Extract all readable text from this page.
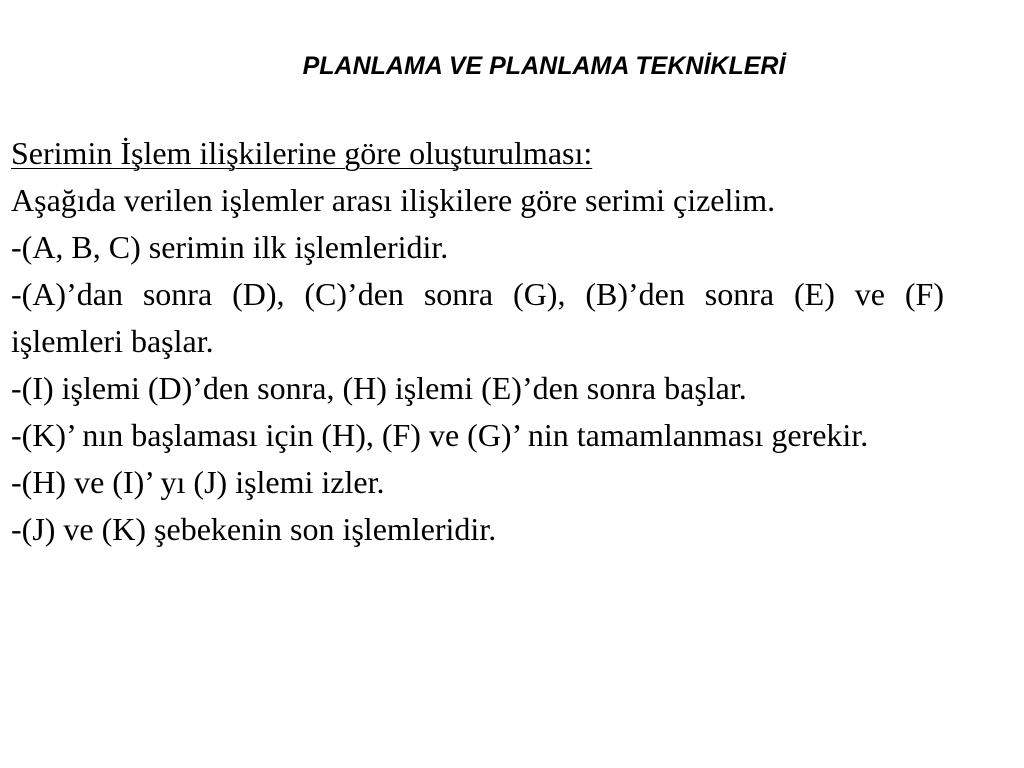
PLANLAMA VE PLANLAMA TEKNİKLERİ

Serimin İşlem ilişkilerine göre oluşturulması:

Aşağıda verilen işlemler arası ilişkilere göre serimi çizelim.

-(A, B, C) serimin ilk işlemleridir.

-(A)’dan sonra (D), (C)’den sonra (G), (B)’den sonra (E) ve (F) işlemleri başlar.

-(I) işlemi (D)’den sonra, (H) işlemi (E)’den sonra başlar.

-(K)’ nın başlaması için (H), (F) ve (G)’ nin tamamlanması gerekir.

-(H) ve (I)’ yı (J) işlemi izler.

-(J) ve (K) şebekenin son işlemleridir.
